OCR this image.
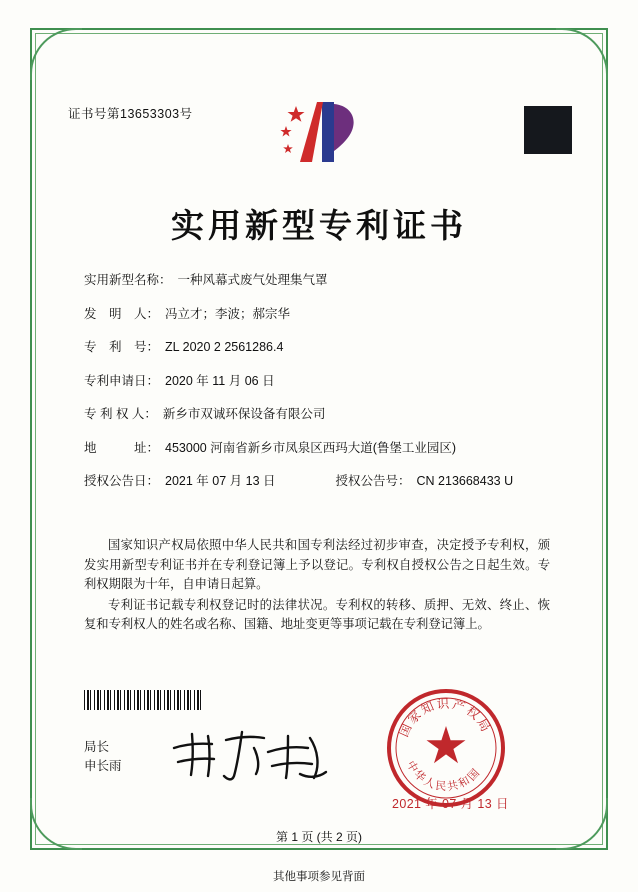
证书号第13653303号
实用新型专利证书
实用新型名称： 一种风幕式废气处理集气罩
发　明　人： 冯立才；李波；郝宗华
专　利　号： ZL 2020 2 2561286.4
专利申请日： 2020 年 11 月 06 日
专 利 权 人： 新乡市双诚环保设备有限公司
地　　　址： 453000 河南省新乡市凤泉区西玛大道(鲁堡工业园区)
授权公告日： 2021 年 07 月 13 日	授权公告号： CN 213668433 U

国家知识产权局依照中华人民共和国专利法经过初步审查，决定授予专利权，颁发实用新型专利证书并在专利登记簿上予以登记。专利权自授权公告之日起生效。专利权期限为十年，自申请日起算。

专利证书记载专利权登记时的法律状况。专利权的转移、质押、无效、终止、恢复和专利权人的姓名或名称、国籍、地址变更等事项记载在专利登记簿上。

局长
申长雨
国家知识产权局
中华人民共和国
2021 年 07 月 13 日
第 1 页 (共 2 页)
其他事项参见背面
